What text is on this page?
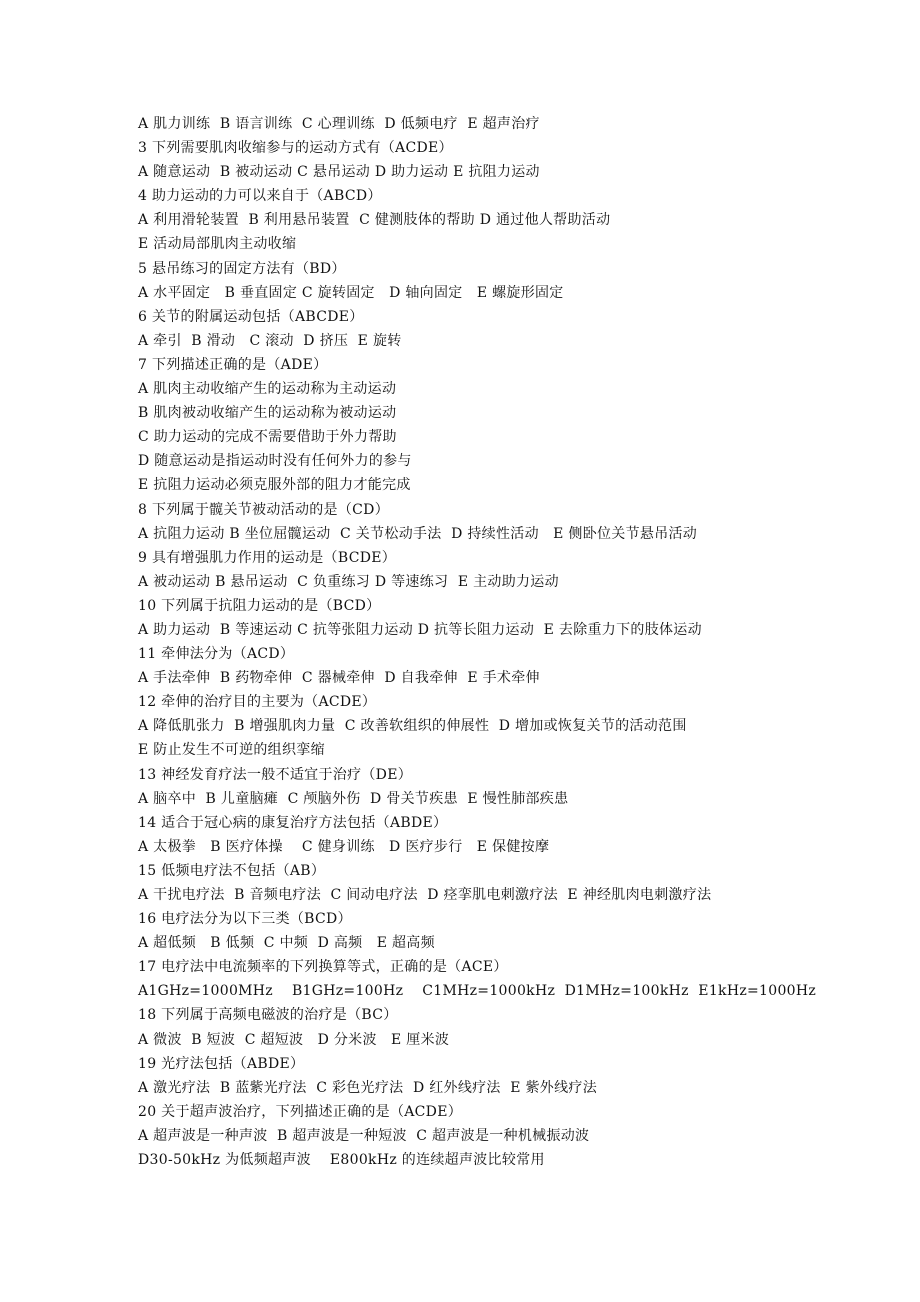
A 肌力训练  B 语言训练  C 心理训练  D 低频电疗  E 超声治疗
3 下列需要肌肉收缩参与的运动方式有（ACDE）
A 随意运动  B 被动运动 C 悬吊运动 D 助力运动 E 抗阻力运动
4 助力运动的力可以来自于（ABCD）
A 利用滑轮装置  B 利用悬吊装置  C 健测肢体的帮助 D 通过他人帮助活动
E 活动局部肌肉主动收缩
5 悬吊练习的固定方法有（BD）
A 水平固定   B 垂直固定 C 旋转固定   D 轴向固定   E 螺旋形固定
6 关节的附属运动包括（ABCDE）
A 牵引  B 滑动   C 滚动  D 挤压  E 旋转
7 下列描述正确的是（ADE）
A 肌肉主动收缩产生的运动称为主动运动
B 肌肉被动收缩产生的运动称为被动运动
C 助力运动的完成不需要借助于外力帮助
D 随意运动是指运动时没有任何外力的参与
E 抗阻力运动必须克服外部的阻力才能完成
8 下列属于髋关节被动活动的是（CD）
A 抗阻力运动 B 坐位屈髋运动  C 关节松动手法  D 持续性活动   E 侧卧位关节悬吊活动
9 具有增强肌力作用的运动是（BCDE）
A 被动运动 B 悬吊运动  C 负重练习 D 等速练习  E 主动助力运动
10 下列属于抗阻力运动的是（BCD）
A 助力运动  B 等速运动 C 抗等张阻力运动 D 抗等长阻力运动  E 去除重力下的肢体运动
11 牵伸法分为（ACD）
A 手法牵伸  B 药物牵伸  C 器械牵伸  D 自我牵伸  E 手术牵伸
12 牵伸的治疗目的主要为（ACDE）
A 降低肌张力  B 增强肌肉力量  C 改善软组织的伸展性  D 增加或恢复关节的活动范围
E 防止发生不可逆的组织挛缩
13 神经发育疗法一般不适宜于治疗（DE）
A 脑卒中  B 儿童脑瘫  C 颅脑外伤  D 骨关节疾患  E 慢性肺部疾患
14 适合于冠心病的康复治疗方法包括（ABDE）
A 太极拳   B 医疗体操    C 健身训练   D 医疗步行   E 保健按摩
15 低频电疗法不包括（AB）
A 干扰电疗法  B 音频电疗法  C 间动电疗法  D 痉挛肌电刺激疗法  E 神经肌肉电刺激疗法
16 电疗法分为以下三类（BCD）
A 超低频   B 低频  C 中频  D 高频   E 超高频
17 电疗法中电流频率的下列换算等式，正确的是（ACE）
A1GHz=1000MHz    B1GHz=100Hz    C1MHz=1000kHz  D1MHz=100kHz  E1kHz=1000Hz
18 下列属于高频电磁波的治疗是（BC）
A 微波  B 短波  C 超短波   D 分米波   E 厘米波
19 光疗法包括（ABDE）
A 激光疗法  B 蓝紫光疗法  C 彩色光疗法  D 红外线疗法  E 紫外线疗法
20 关于超声波治疗，下列描述正确的是（ACDE）
A 超声波是一种声波  B 超声波是一种短波  C 超声波是一种机械振动波
D30-50kHz 为低频超声波    E800kHz 的连续超声波比较常用
